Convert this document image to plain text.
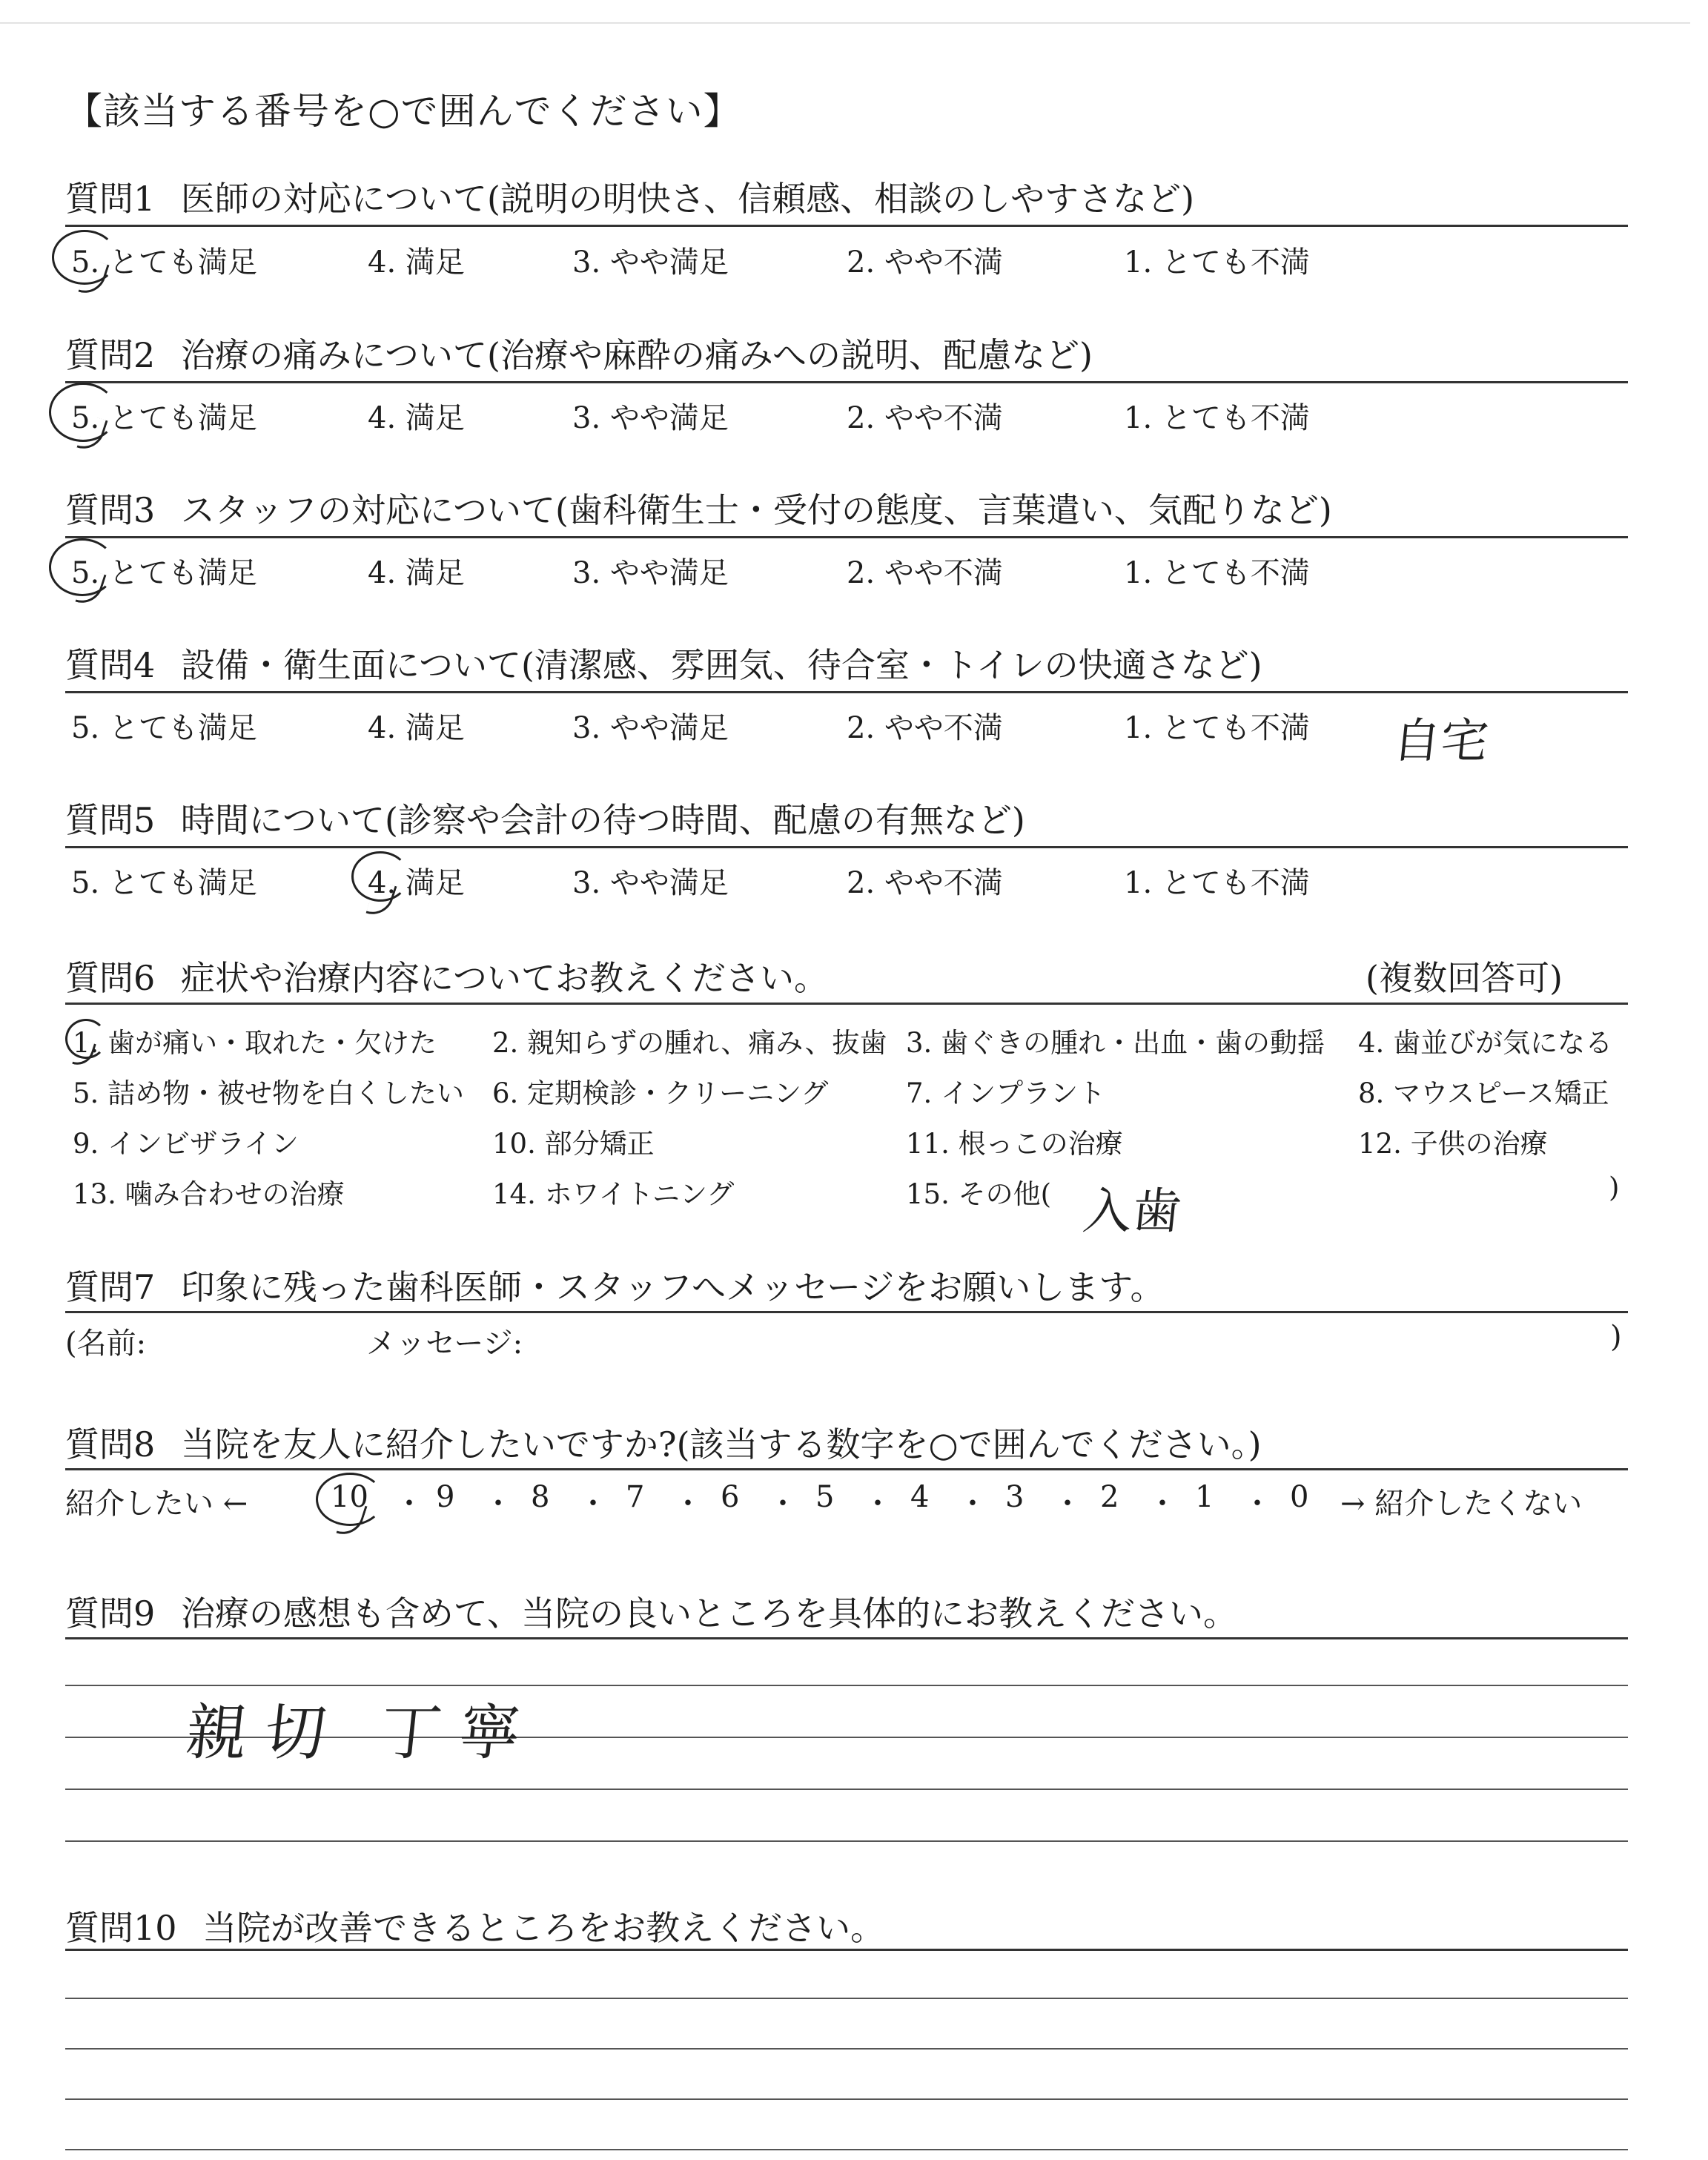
【該当する番号を○で囲んでください】
質問1 医師の対応について(説明の明快さ、信頼感、相談のしやすさなど)
5. とても満足	4. 満足	3. やや満足	2. やや不満	1. とても不満
質問2 治療の痛みについて(治療や麻酔の痛みへの説明、配慮など)
5. とても満足	4. 満足	3. やや満足	2. やや不満	1. とても不満
質問3 スタッフの対応について(歯科衛生士・受付の態度、言葉遣い、気配りなど)
5. とても満足	4. 満足	3. やや満足	2. やや不満	1. とても不満
質問4 設備・衛生面について(清潔感、雰囲気、待合室・トイレの快適さなど)
5. とても満足	4. 満足	3. やや満足	2. やや不満	1. とても不満 自宅
質問5 時間について(診察や会計の待つ時間、配慮の有無など)
5. とても満足	4. 満足	3. やや満足	2. やや不満	1. とても不満
質問6 症状や治療内容についてお教えください。	(複数回答可)
1. 歯が痛い・取れた・欠けた 2. 親知らずの腫れ、痛み、抜歯 3. 歯ぐきの腫れ・出血・歯の動揺 4. 歯並びが気になる
5. 詰め物・被せ物を白くしたい 6. 定期検診・クリーニング	7. インプラント	8. マウスピース矯正
9. インビザライン	10. 部分矯正	11. 根っこの治療	12. 子供の治療
13. 噛み合わせの治療	14. ホワイトニング	15. その他(	)
入歯
質問7 印象に残った歯科医師・スタッフへメッセージをお願いします。
(名前:	メッセージ:	)
質問8 当院を友人に紹介したいですか?(該当する数字を○で囲んでください。)
紹介したい ←	10 ・ 9 ・ 8 ・ 7 ・ 6 ・ 5 ・ 4 ・ 3 ・ 2 ・ 1 ・ 0 → 紹介したくない
質問9 治療の感想も含めて、当院の良いところを具体的にお教えください。
親切 丁寧
質問10 当院が改善できるところをお教えください。
